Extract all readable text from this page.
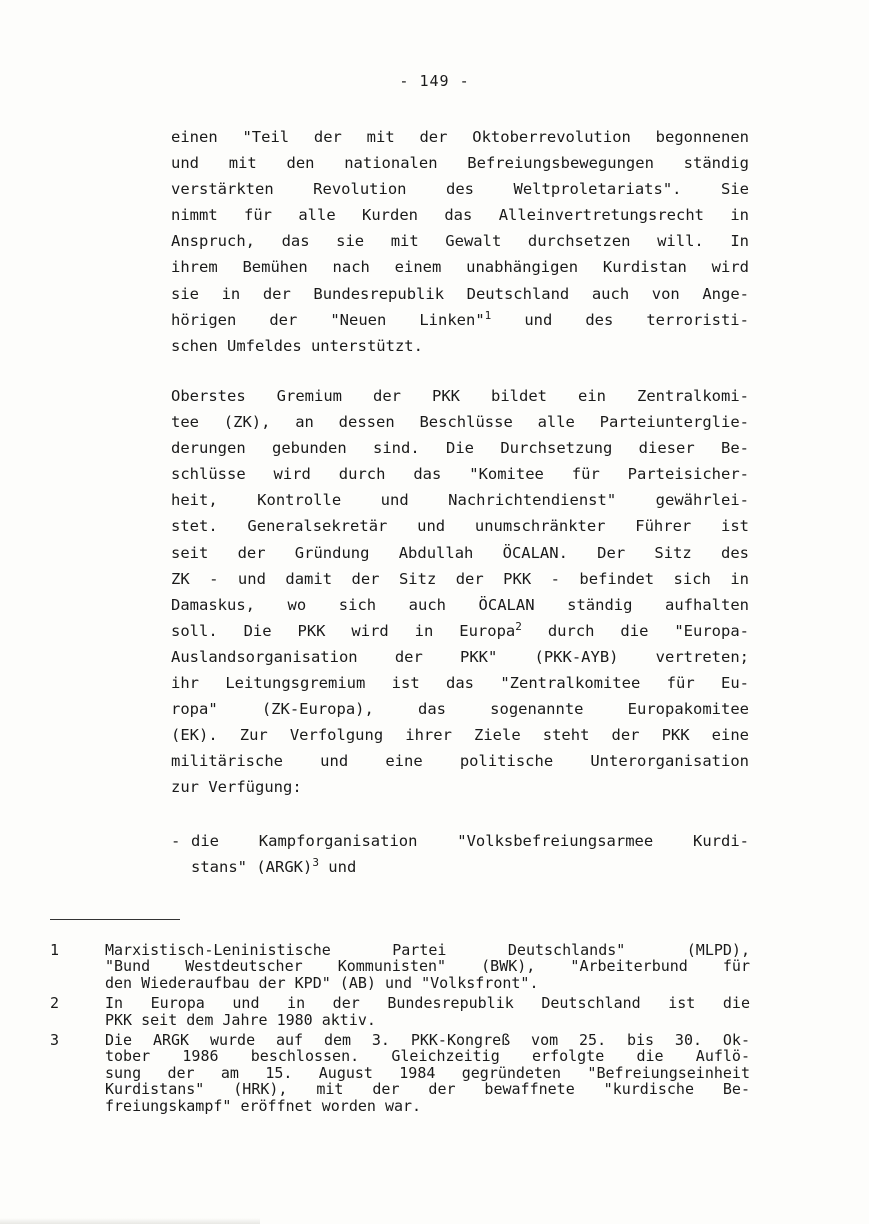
- 149 -
einen "Teil der mit der Oktoberrevolution begonnenen
und mit den nationalen Befreiungsbewegungen ständig
verstärkten Revolution des Weltproletariats". Sie
nimmt für alle Kurden das Alleinvertretungsrecht in
Anspruch, das sie mit Gewalt durchsetzen will. In
ihrem Bemühen nach einem unabhängigen Kurdistan wird
sie in der Bundesrepublik Deutschland auch von Ange-
hörigen der "Neuen Linken"$^1$ und des terroristi-
schen Umfeldes unterstützt.
Oberstes Gremium der PKK bildet ein Zentralkomi-
tee (ZK), an dessen Beschlüsse alle Parteiunterglie-
derungen gebunden sind. Die Durchsetzung dieser Be-
schlüsse wird durch das "Komitee für Parteisicher-
heit, Kontrolle und Nachrichtendienst" gewährlei-
stet. Generalsekretär und unumschränkter Führer ist
seit der Gründung Abdullah ÖCALAN. Der Sitz des
ZK - und damit der Sitz der PKK - befindet sich in
Damaskus, wo sich auch ÖCALAN ständig aufhalten
soll. Die PKK wird in Europa$^2$ durch die "Europa-
Auslandsorganisation der PKK" (PKK-AYB) vertreten;
ihr Leitungsgremium ist das "Zentralkomitee für Eu-
ropa" (ZK-Europa), das sogenannte Europakomitee
(EK). Zur Verfolgung ihrer Ziele steht der PKK eine
militärische und eine politische Unterorganisation
zur Verfügung:
- die Kampforganisation "Volksbefreiungsarmee Kurdi-
stans" (ARGK)$^3$ und
1	Marxistisch-Leninistische Partei Deutschlands" (MLPD),
"Bund Westdeutscher Kommunisten" (BWK), "Arbeiterbund für
den Wiederaufbau der KPD" (AB) und "Volksfront".
2	In Europa und in der Bundesrepublik Deutschland ist die
PKK seit dem Jahre 1980 aktiv.
3	Die ARGK wurde auf dem 3. PKK-Kongreß vom 25. bis 30. Ok-
tober 1986 beschlossen. Gleichzeitig erfolgte die Auflö-
sung der am 15. August 1984 gegründeten "Befreiungseinheit
Kurdistans" (HRK), mit der der bewaffnete "kurdische Be-
freiungskampf" eröffnet worden war.
